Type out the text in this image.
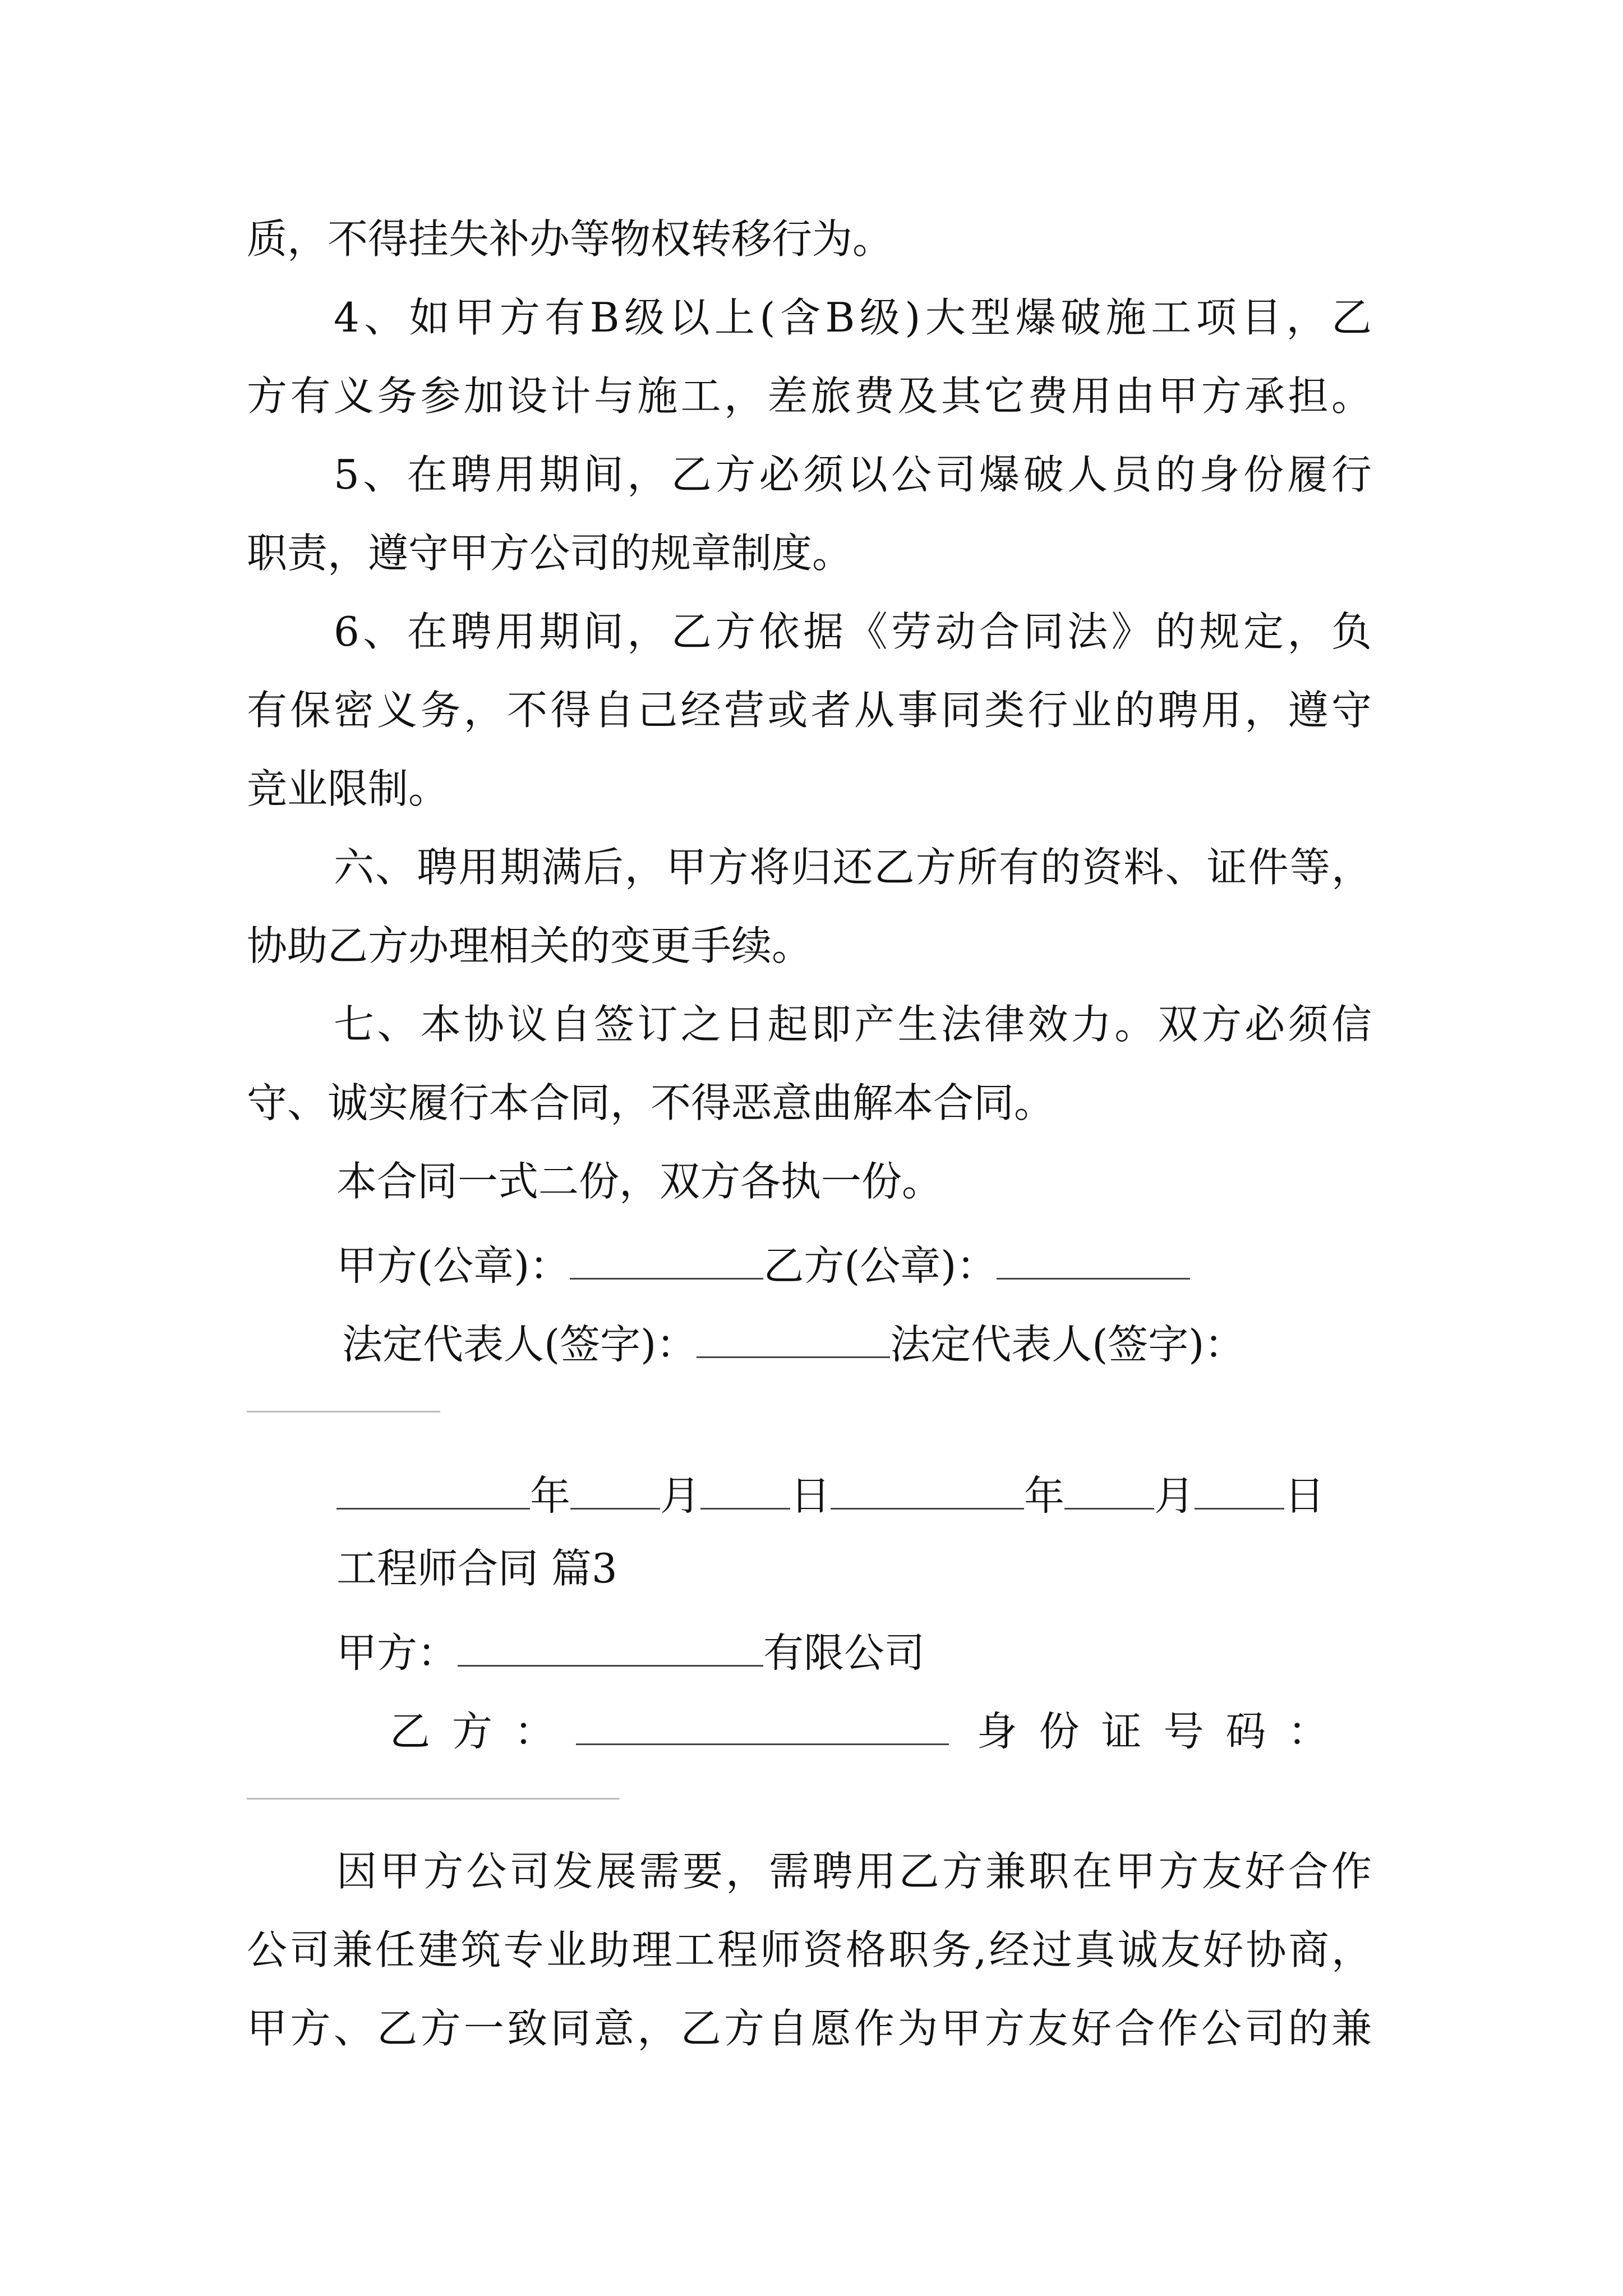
质，不得挂失补办等物权转移行为。
4、如甲方有B级以上(含B级)大型爆破施工项目，乙
方有义务参加设计与施工，差旅费及其它费用由甲方承担。
5、在聘用期间，乙方必须以公司爆破人员的身份履行
职责，遵守甲方公司的规章制度。
6、在聘用期间，乙方依据《劳动合同法》的规定，负
有保密义务，不得自己经营或者从事同类行业的聘用，遵守
竞业限制。
六、聘用期满后，甲方将归还乙方所有的资料、证件等，
协助乙方办理相关的变更手续。
七、本协议自签订之日起即产生法律效力。双方必须信
守、诚实履行本合同，不得恶意曲解本合同。
本合同一式二份，双方各执一份。
甲方(公章)：	乙方(公章)：
法定代表人(签字)：	法定代表人(签字)：
年 月 日	年 月 日
工程师合同 篇3
甲方：	有限公司
乙 方 ：	身 份 证 号 码 ：
因甲方公司发展需要，需聘用乙方兼职在甲方友好合作
公司兼任建筑专业助理工程师资格职务,经过真诚友好协商，
甲方、乙方一致同意，乙方自愿作为甲方友好合作公司的兼
